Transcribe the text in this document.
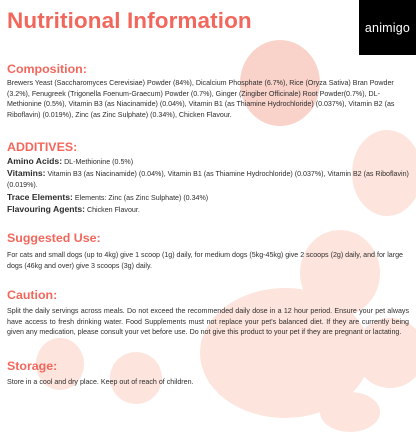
Nutritional Information	animigo
Composition:

Brewers Yeast (Saccharomyces Cerevisiae) Powder (84%), Dicalcium Phosphate (6.7%), Rice (Oryza Sativa) Bran Powder (3.2%), Fenugreek (Trigonella Foenum-Graecum) Powder (0.7%), Ginger (Zingiber Officinale) Root Powder(0.7%), DL-Methionine (0.5%), Vitamin B3 (as Niacinamide) (0.04%), Vitamin B1 (as Thiamine Hydrochloride) (0.037%), Vitamin B2 (as Riboflavin) (0.019%), Zinc (as Zinc Sulphate) (0.34%), Chicken Flavour.

ADDITIVES:

Amino Acids: DL-Methionine (0.5%)

Vitamins: Vitamin B3 (as Niacinamide) (0.04%), Vitamin B1 (as Thiamine Hydrochloride) (0.037%), Vitamin B2 (as Riboflavin) (0.019%).

Trace Elements: Elements: Zinc (as Zinc Sulphate) (0.34%)

Flavouring Agents: Chicken Flavour.

Suggested Use:

For cats and small dogs (up to 4kg) give 1 scoop (1g) daily, for medium dogs (5kg-45kg) give 2 scoops (2g) daily, and for large dogs (46kg and over) give 3 scoops (3g) daily.

Caution:

Split the daily servings across meals. Do not exceed the recommended daily dose in a 12 hour period. Ensure your pet always have access to fresh drinking water. Food Supplements must not replace your pet's balanced diet. If they are currently being given any medication, please consult your vet before use. Do not give this product to your pet if they are pregnant or lactating.

Storage:

Store in a cool and dry place. Keep out of reach of children.
